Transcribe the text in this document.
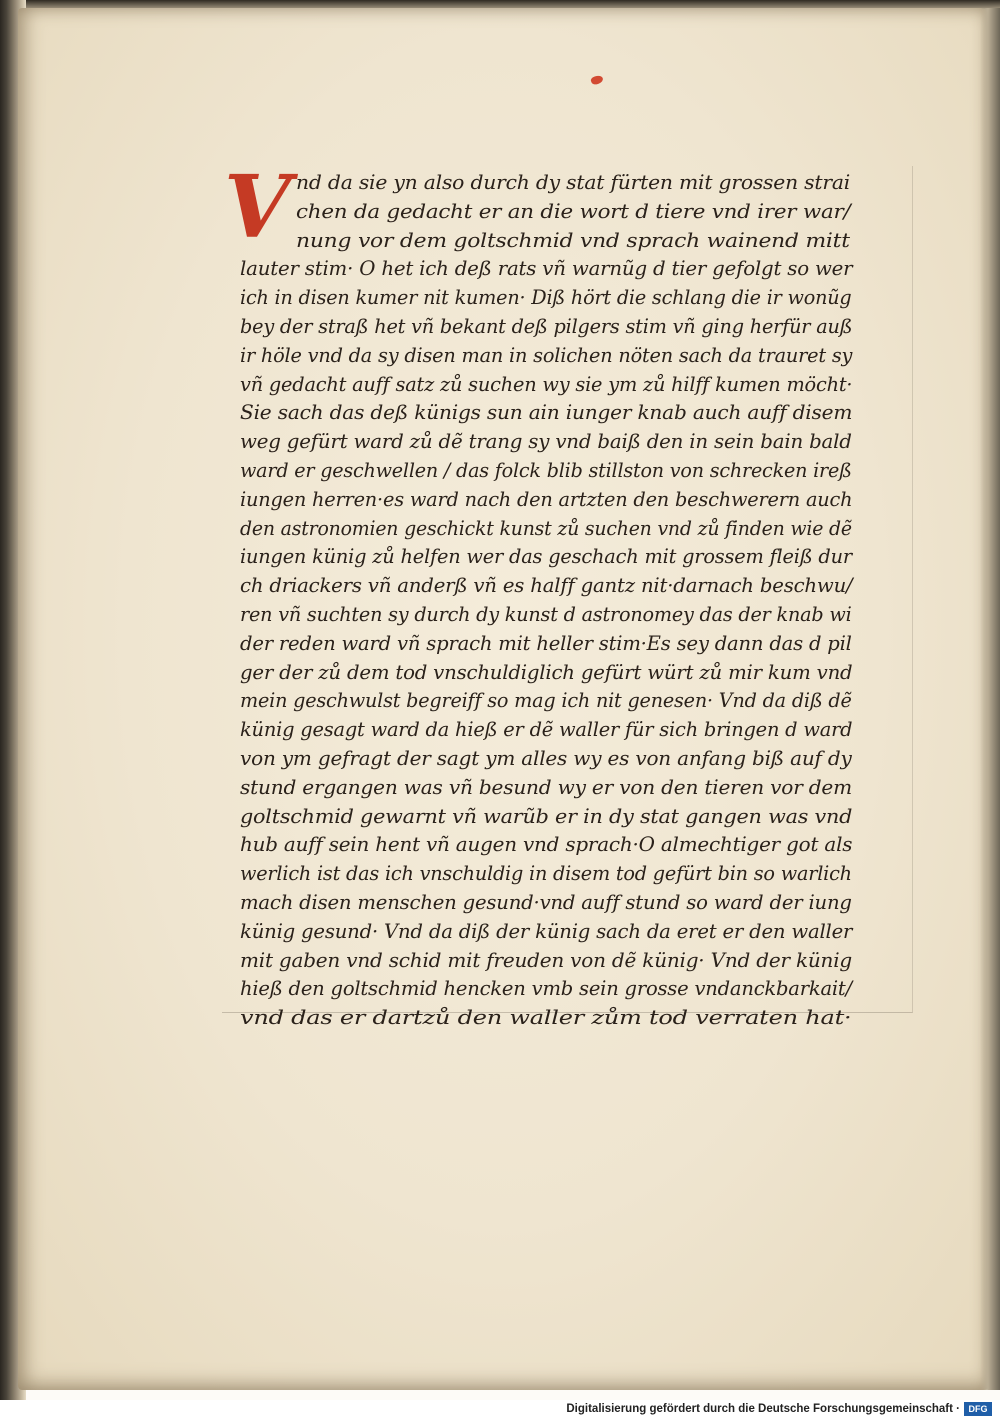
V nd da sie yn also durch dy stat fürten mit grossen strai
chen da gedacht er an die wort d tiere vnd irer war/
nung vor dem goltschmid vnd sprach wainend mitt
lauter stim· O het ich deß rats vñ warnũg d tier gefolgt so wer
ich in disen kumer nit kumen· Diß hört die schlang die ir wonũg
bey der straß het vñ bekant deß pilgers stim vñ ging herfür auß
ir höle vnd da sy disen man in solichen nöten sach da trauret sy
vñ gedacht auff satz zů suchen wy sie ym zů hilff kumen möcht·
Sie sach das deß künigs sun ain iunger knab auch auff disem
weg gefürt ward zů dẽ trang sy vnd baiß den in sein bain bald
ward er geschwellen / das folck blib stillston von schrecken ireß
iungen herren·es ward nach den artzten den beschwerern auch
den astronomien geschickt kunst zů suchen vnd zů finden wie dẽ
iungen künig zů helfen wer das geschach mit grossem fleiß dur
ch driackers vñ anderß vñ es halff gantz nit·darnach beschwu/
ren vñ suchten sy durch dy kunst d astronomey das der knab wi
der reden ward vñ sprach mit heller stim·Es sey dann das d pil
ger der zů dem tod vnschuldiglich gefürt würt zů mir kum vnd
mein geschwulst begreiff so mag ich nit genesen· Vnd da diß dẽ
künig gesagt ward da hieß er dẽ waller für sich bringen d ward
von ym gefragt der sagt ym alles wy es von anfang biß auf dy
stund ergangen was vñ besund wy er von den tieren vor dem
goltschmid gewarnt vñ warũb er in dy stat gangen was vnd
hub auff sein hent vñ augen vnd sprach·O almechtiger got als
werlich ist das ich vnschuldig in disem tod gefürt bin so warlich
mach disen menschen gesund·vnd auff stund so ward der iung
künig gesund· Vnd da diß der künig sach da eret er den waller
mit gaben vnd schid mit freuden von dẽ künig· Vnd der künig
hieß den goltschmid hencken vmb sein grosse vndanckbarkait/
vnd das er dartzů den waller zům tod verraten hat·
Digitalisierung gefördert durch die Deutsche Forschungsgemeinschaft · DFG
